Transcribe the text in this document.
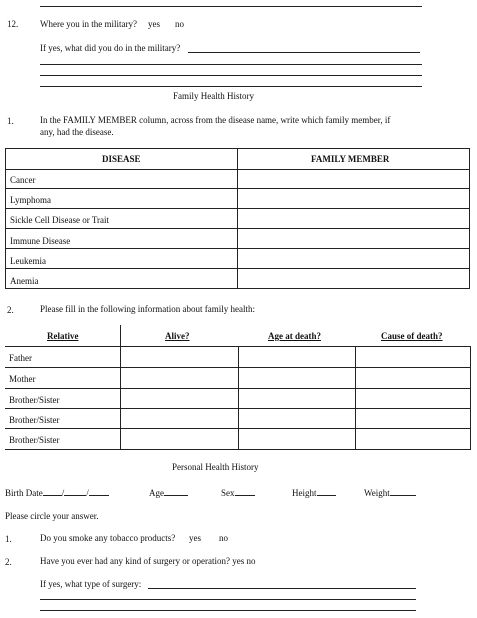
12. Where you in the military? yes no
If yes, what did you do in the military?
Family Health History
1.	In the FAMILY MEMBER column, across from the disease name, write which family member, if
any, had the disease.
DISEASE	FAMILY MEMBER
Cancer
Lymphoma
Sickle Cell Disease or Trait
Immune Disease
Leukemia
Anemia
2.	Please fill in the following information about family health:
Relative	Alive?	Age at death?	Cause of death?
Father
Mother
Brother/Sister
Brother/Sister
Brother/Sister
Personal Health History
Birth Date / /	Age	Sex	Height	Weight
Please circle your answer.
1.	Do you smoke any tobacco products? yes no
2.	Have you ever had any kind of surgery or operation? yes no
If yes, what type of surgery:
